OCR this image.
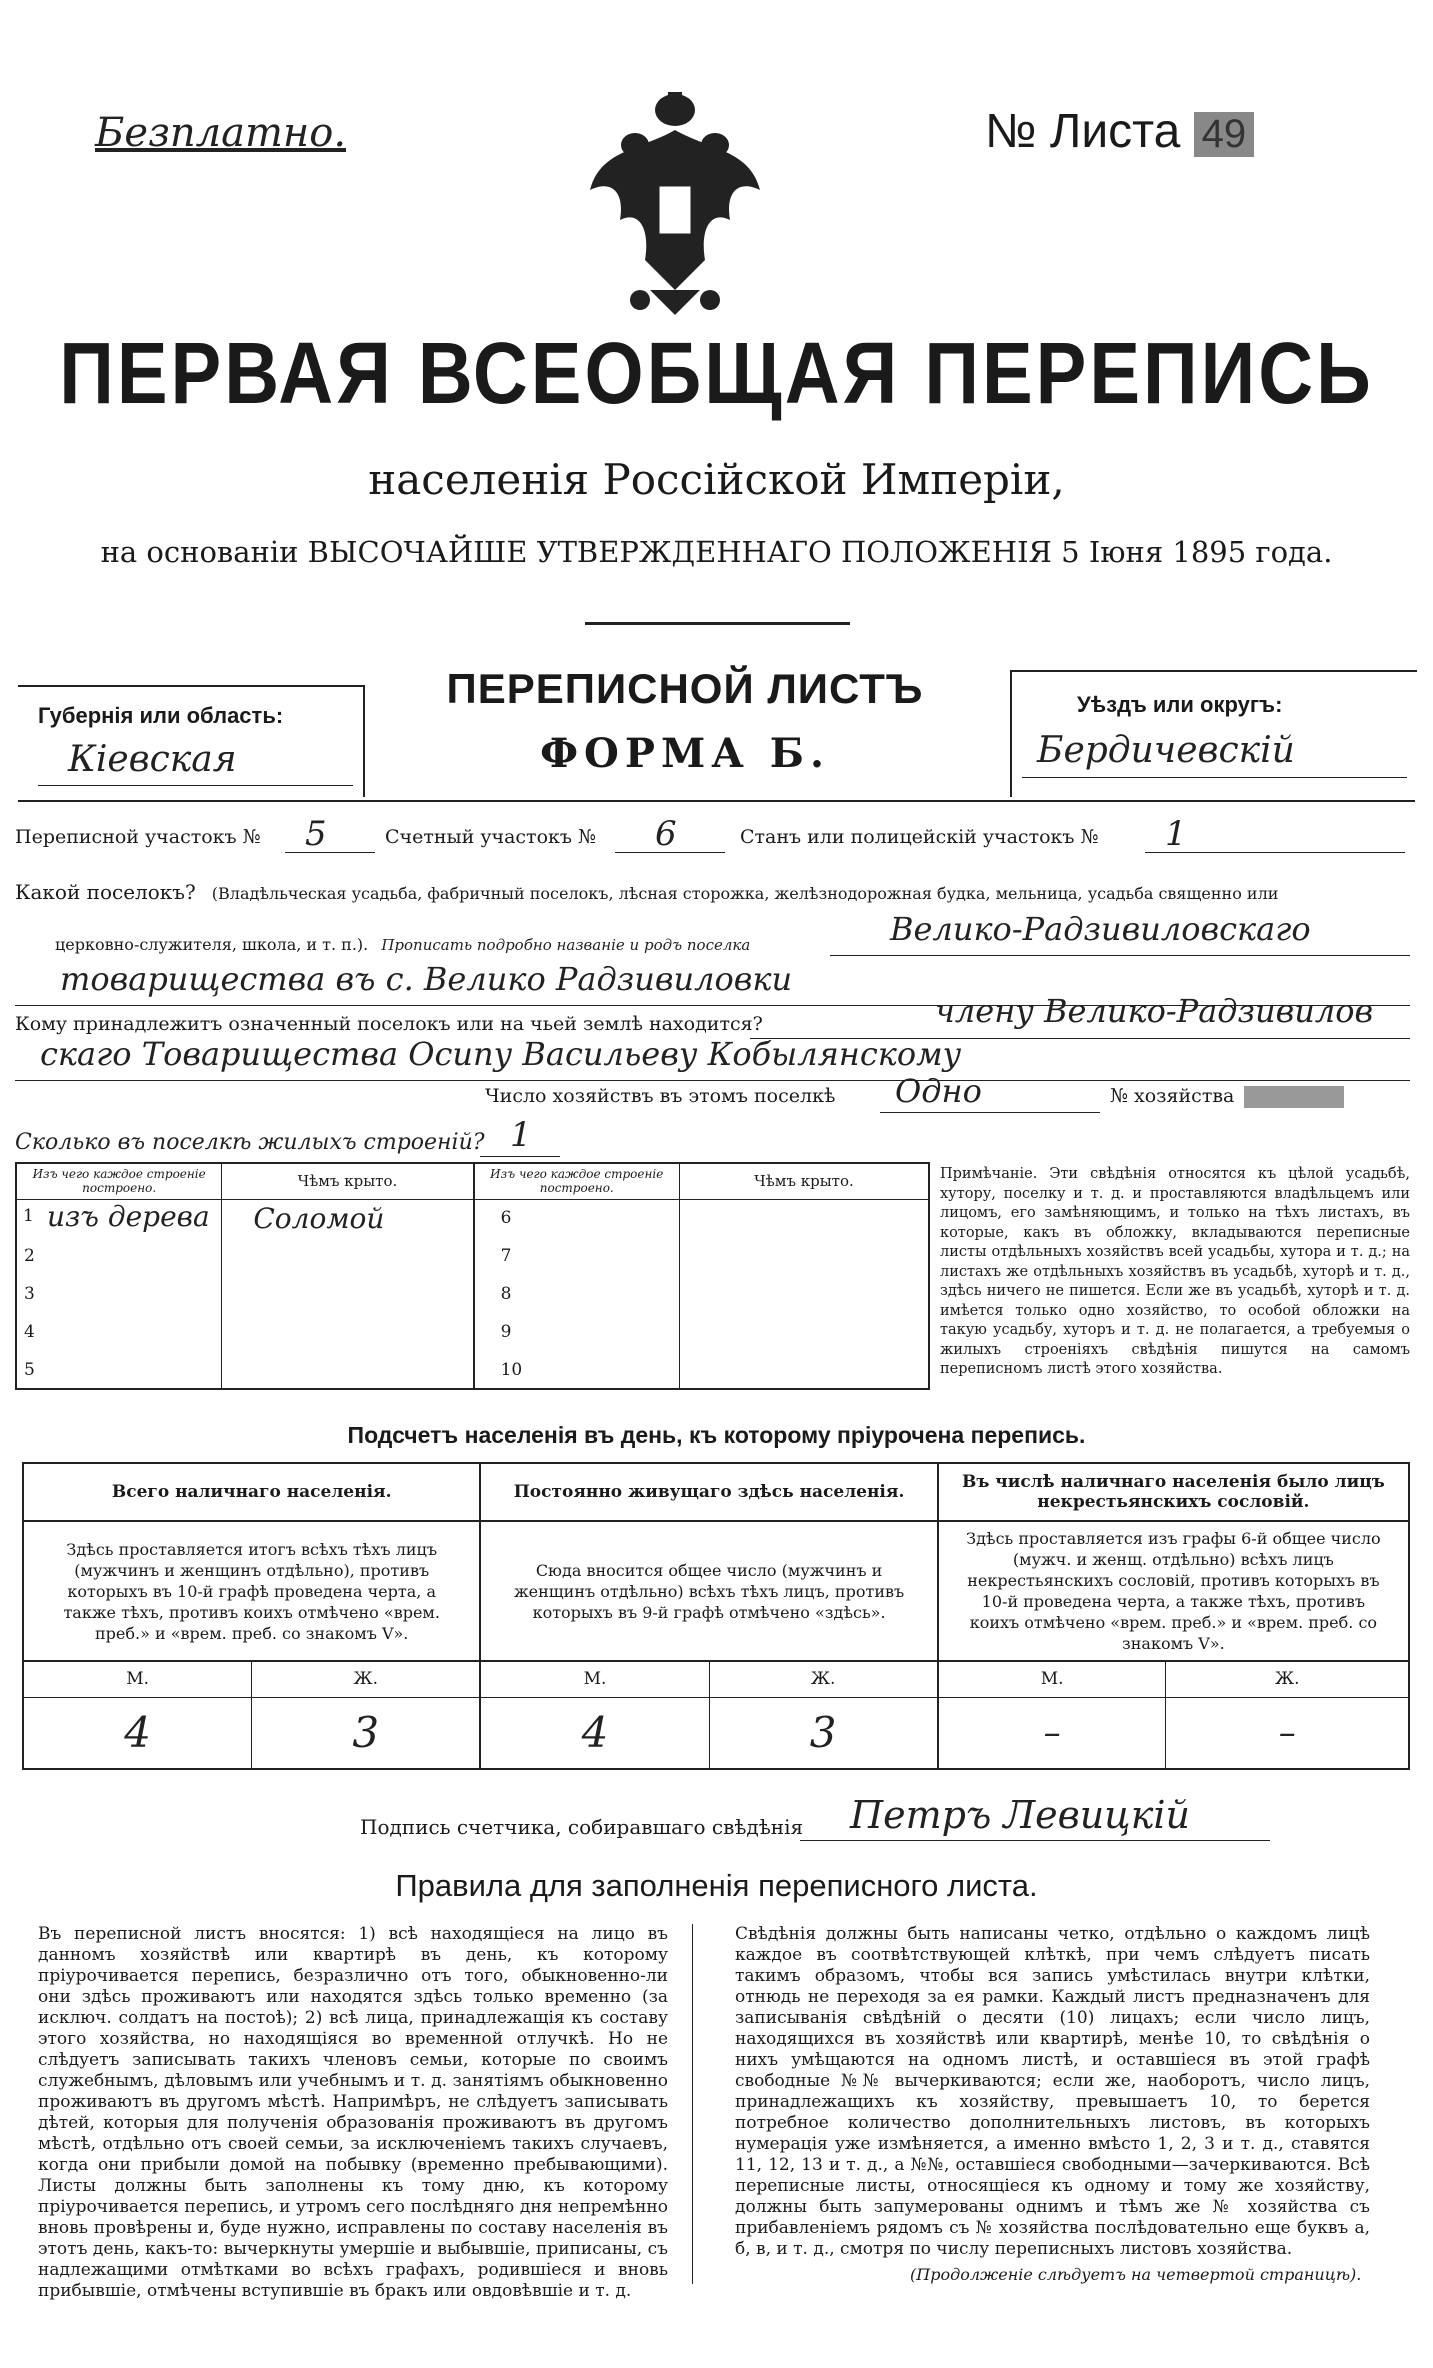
Безплатно.	№ Листа 49
ПЕРВАЯ ВСЕОБЩАЯ ПЕРЕПИСЬ
населенія Россійской Имперіи,
на основаніи ВЫСОЧАЙШЕ УТВЕРЖДЕННАГО ПОЛОЖЕНІЯ 5 Іюня 1895 года.
Губернія или область:
Кіевская
ПЕРЕПИСНОЙ ЛИСТЪ
ФОРМА Б.
Уѣздъ или округъ:
Бердичевскій
Переписной участокъ № 5	Счетный участокъ № 6	Станъ или полицейскій участокъ № 1
Какой поселокъ? (Владѣльческая усадьба, фабричный поселокъ, лѣсная сторожка, желѣзнодорожная будка, мельница, усадьба священно или
церковно-служителя, школа, и т. п.). Прописать подробно названіе и родъ поселка	Велико-Радзивиловскаго
товарищества въ с. Велико Радзивиловки
Кому принадлежитъ означенный поселокъ или на чьей землѣ находится?	члену Велико-Радзивилов
скаго Товарищества Осипу Васильеву Кобылянскому
Число хозяйствъ въ этомъ поселкѣ Одно	№ хозяйства
Сколько въ поселкѣ жилыхъ строеній? 1
Изъ чего каждое строеніе построено.	Чѣмъ крыто.	Изъ чего каждое строеніе построено.	Чѣмъ крыто.

1 изъ дерева	Соломой	6	
2		7	
3		8	
4		9	
5		10	
Примѣчаніе. Эти свѣдѣнія относятся къ цѣлой усадьбѣ, хутору, поселку и т. д. и проставляются владѣльцемъ или лицомъ, его замѣняющимъ, и только на тѣхъ листахъ, въ которые, какъ въ обложку, вкладываются переписные листы отдѣльныхъ хозяйствъ всей усадьбы, хутора и т. д.; на листахъ же отдѣльныхъ хозяйствъ въ усадьбѣ, хуторѣ и т. д., здѣсь ничего не пишется. Если же въ усадьбѣ, хуторѣ и т. д. имѣется только одно хозяйство, то особой обложки на такую усадьбу, хуторъ и т. д. не полагается, а требуемыя о жилыхъ строеніяхъ свѣдѣнія пишутся на самомъ переписномъ листѣ этого хозяйства.
Подсчетъ населенія въ день, къ которому пріурочена перепись.
Всего наличнаго населенія.		Постоянно живущаго здѣсь населенія.		Въ числѣ наличнаго населенія было лицъ некрестьянскихъ сословій.	
Здѣсь проставляется итогъ всѣхъ тѣхъ лицъ (мужчинъ и женщинъ отдѣльно), противъ которыхъ въ 10-й графѣ проведена черта, а также тѣхъ, противъ коихъ отмѣчено «врем. преб.» и «врем. преб. со знакомъ V».		Сюда вносится общее число (мужчинъ и женщинъ отдѣльно) всѣхъ тѣхъ лицъ, противъ которыхъ въ 9-й графѣ отмѣчено «здѣсь».		Здѣсь проставляется изъ графы 6-й общее число (мужч. и женщ. отдѣльно) всѣхъ лицъ некрестьянскихъ сословій, противъ которыхъ въ 10-й проведена черта, а также тѣхъ, противъ коихъ отмѣчено «врем. преб.» и «врем. преб. со знакомъ V».	
М.	Ж.	М.	Ж.	М.	Ж.
4	3	4	3	–	–
Подпись счетчика, собиравшаго свѣдѣнія Петръ Левицкій
Правила для заполненія переписного листа.
Въ переписной листъ вносятся: 1) всѣ находящіеся на лицо въ данномъ хозяйствѣ или квартирѣ въ день, къ которому пріурочивается перепись, безразлично отъ того, обыкновенно-ли они здѣсь проживаютъ или находятся здѣсь только временно (за исключ. солдатъ на постоѣ); 2) всѣ лица, принадлежащія къ составу этого хозяйства, но находящіяся во временной отлучкѣ. Но не слѣдуетъ записывать такихъ членовъ семьи, которые по своимъ служебнымъ, дѣловымъ или учебнымъ и т. д. занятіямъ обыкновенно проживаютъ въ другомъ мѣстѣ. Напримѣръ, не слѣдуетъ записывать дѣтей, которыя для полученія образованія проживаютъ въ другомъ мѣстѣ, отдѣльно отъ своей семьи, за исключеніемъ такихъ случаевъ, когда они прибыли домой на побывку (временно пребывающими). Листы должны быть заполнены къ тому дню, къ которому пріурочивается перепись, и утромъ сего послѣдняго дня непремѣнно вновь провѣрены и, буде нужно, исправлены по составу населенія въ этотъ день, какъ-то: вычеркнуты умершіе и выбывшіе, приписаны, съ надлежащими отмѣтками во всѣхъ графахъ, родившіеся и вновь прибывшіе, отмѣчены вступившіе въ бракъ или овдовѣвшіе и т. д.
Свѣдѣнія должны быть написаны четко, отдѣльно о каждомъ лицѣ каждое въ соотвѣтствующей клѣткѣ, при чемъ слѣдуетъ писать такимъ образомъ, чтобы вся запись умѣстилась внутри клѣтки, отнюдь не переходя за ея рамки. Каждый листъ предназначенъ для записыванія свѣдѣній о десяти (10) лицахъ; если число лицъ, находящихся въ хозяйствѣ или квартирѣ, менѣе 10, то свѣдѣнія о нихъ умѣщаются на одномъ листѣ, и оставшіеся въ этой графѣ свободные №№ вычеркиваются; если же, наоборотъ, число лицъ, принадлежащихъ къ хозяйству, превышаетъ 10, то берется потребное количество дополнительныхъ листовъ, въ которыхъ нумерація уже измѣняется, а именно вмѣсто 1, 2, 3 и т. д., ставятся 11, 12, 13 и т. д., а №№, оставшіеся свободными—зачеркиваются. Всѣ переписные листы, относящіеся къ одному и тому же хозяйству, должны быть запумерованы однимъ и тѣмъ же № хозяйства съ прибавленіемъ рядомъ съ № хозяйства послѣдовательно еще буквъ а, б, в, и т. д., смотря по числу переписныхъ листовъ хозяйства.
(Продолженіе слѣдуетъ на четвертой страницѣ).
